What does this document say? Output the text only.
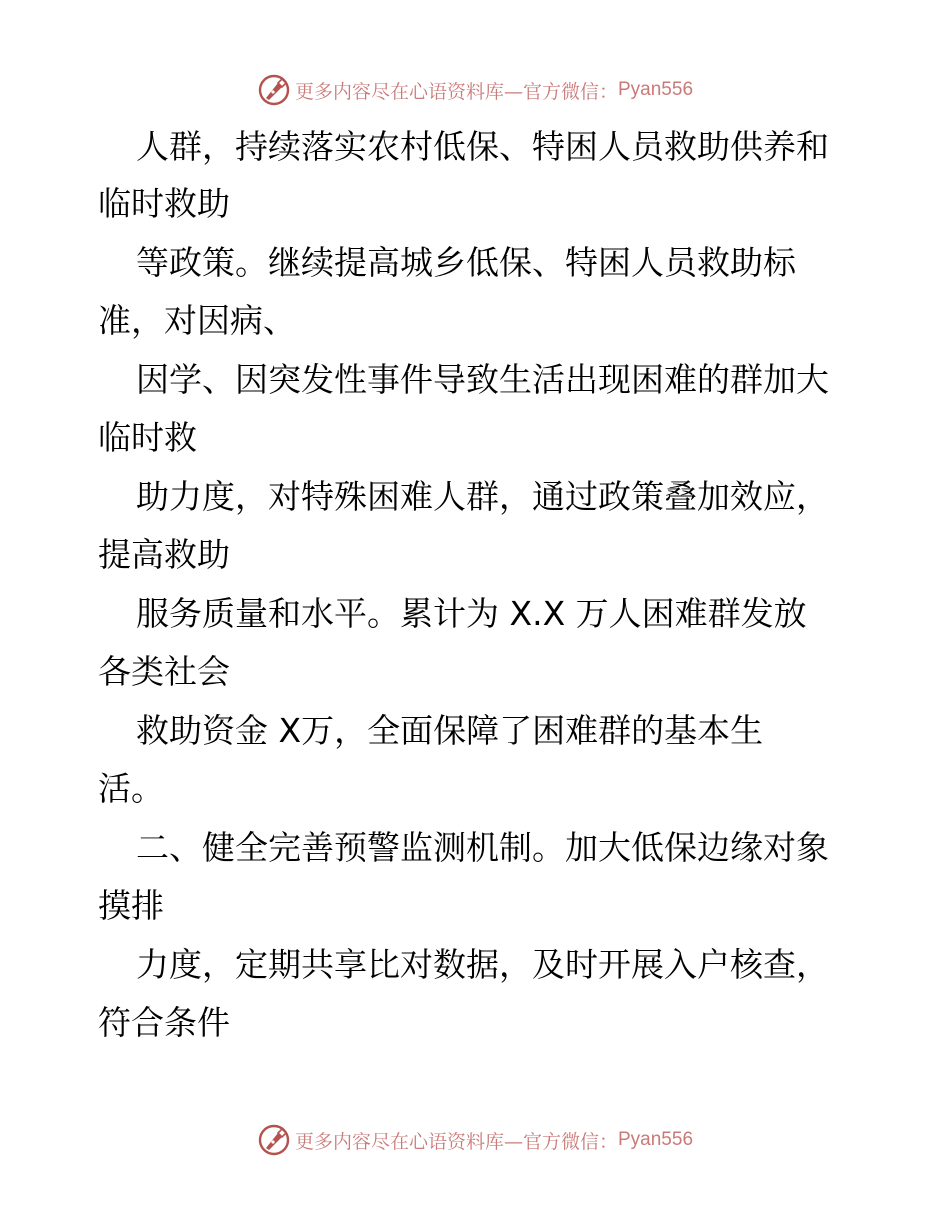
更多内容尽在心语资料库—官方微信： Pyan556

人群，持续落实农村低保、特困人员救助供养和

临时救助

等政策。继续提高城乡低保、特困人员救助标

准，对因病、

因学、因突发性事件导致生活出现困难的群加大

临时救

助力度，对特殊困难人群，通过政策叠加效应，

提高救助

服务质量和水平。累计为 X.X 万人困难群发放

各类社会

救助资金 X万，全面保障了困难群的基本生

活。

二、健全完善预警监测机制。加大低保边缘对象

摸排

力度，定期共享比对数据，及时开展入户核查，

符合条件

更多内容尽在心语资料库—官方微信： Pyan556
